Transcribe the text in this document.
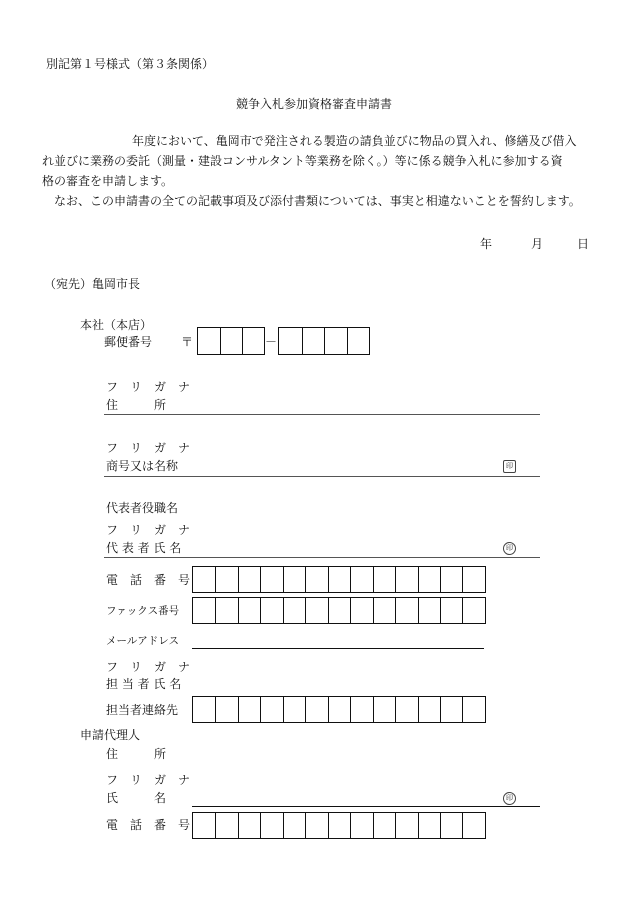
別記第１号様式（第３条関係）
競争入札参加資格審査申請書
年度において、亀岡市で発注される製造の請負並びに物品の買入れ、修繕及び借入
れ並びに業務の委託（測量・建設コンサルタント等業務を除く。）等に係る競争入札に参加する資
格の審査を申請します。
なお、この申請書の全ての記載事項及び添付書類については、事実と相違ないことを誓約します。
年	月	日
（宛先）亀岡市長
本社（本店）
郵便番号 〒	－
フ　リ　ガ　ナ
住　　　所
フ　リ　ガ　ナ
商号又は名称	印
代表者役職名
フ　リ　ガ　ナ
代 表 者 氏 名	印
電　話　番　号
ファックス番号
メールアドレス
フ　リ　ガ　ナ
担 当 者 氏 名
担当者連絡先
申請代理人
住　　　所
フ　リ　ガ　ナ
氏　　　名	印
電　話　番　号
